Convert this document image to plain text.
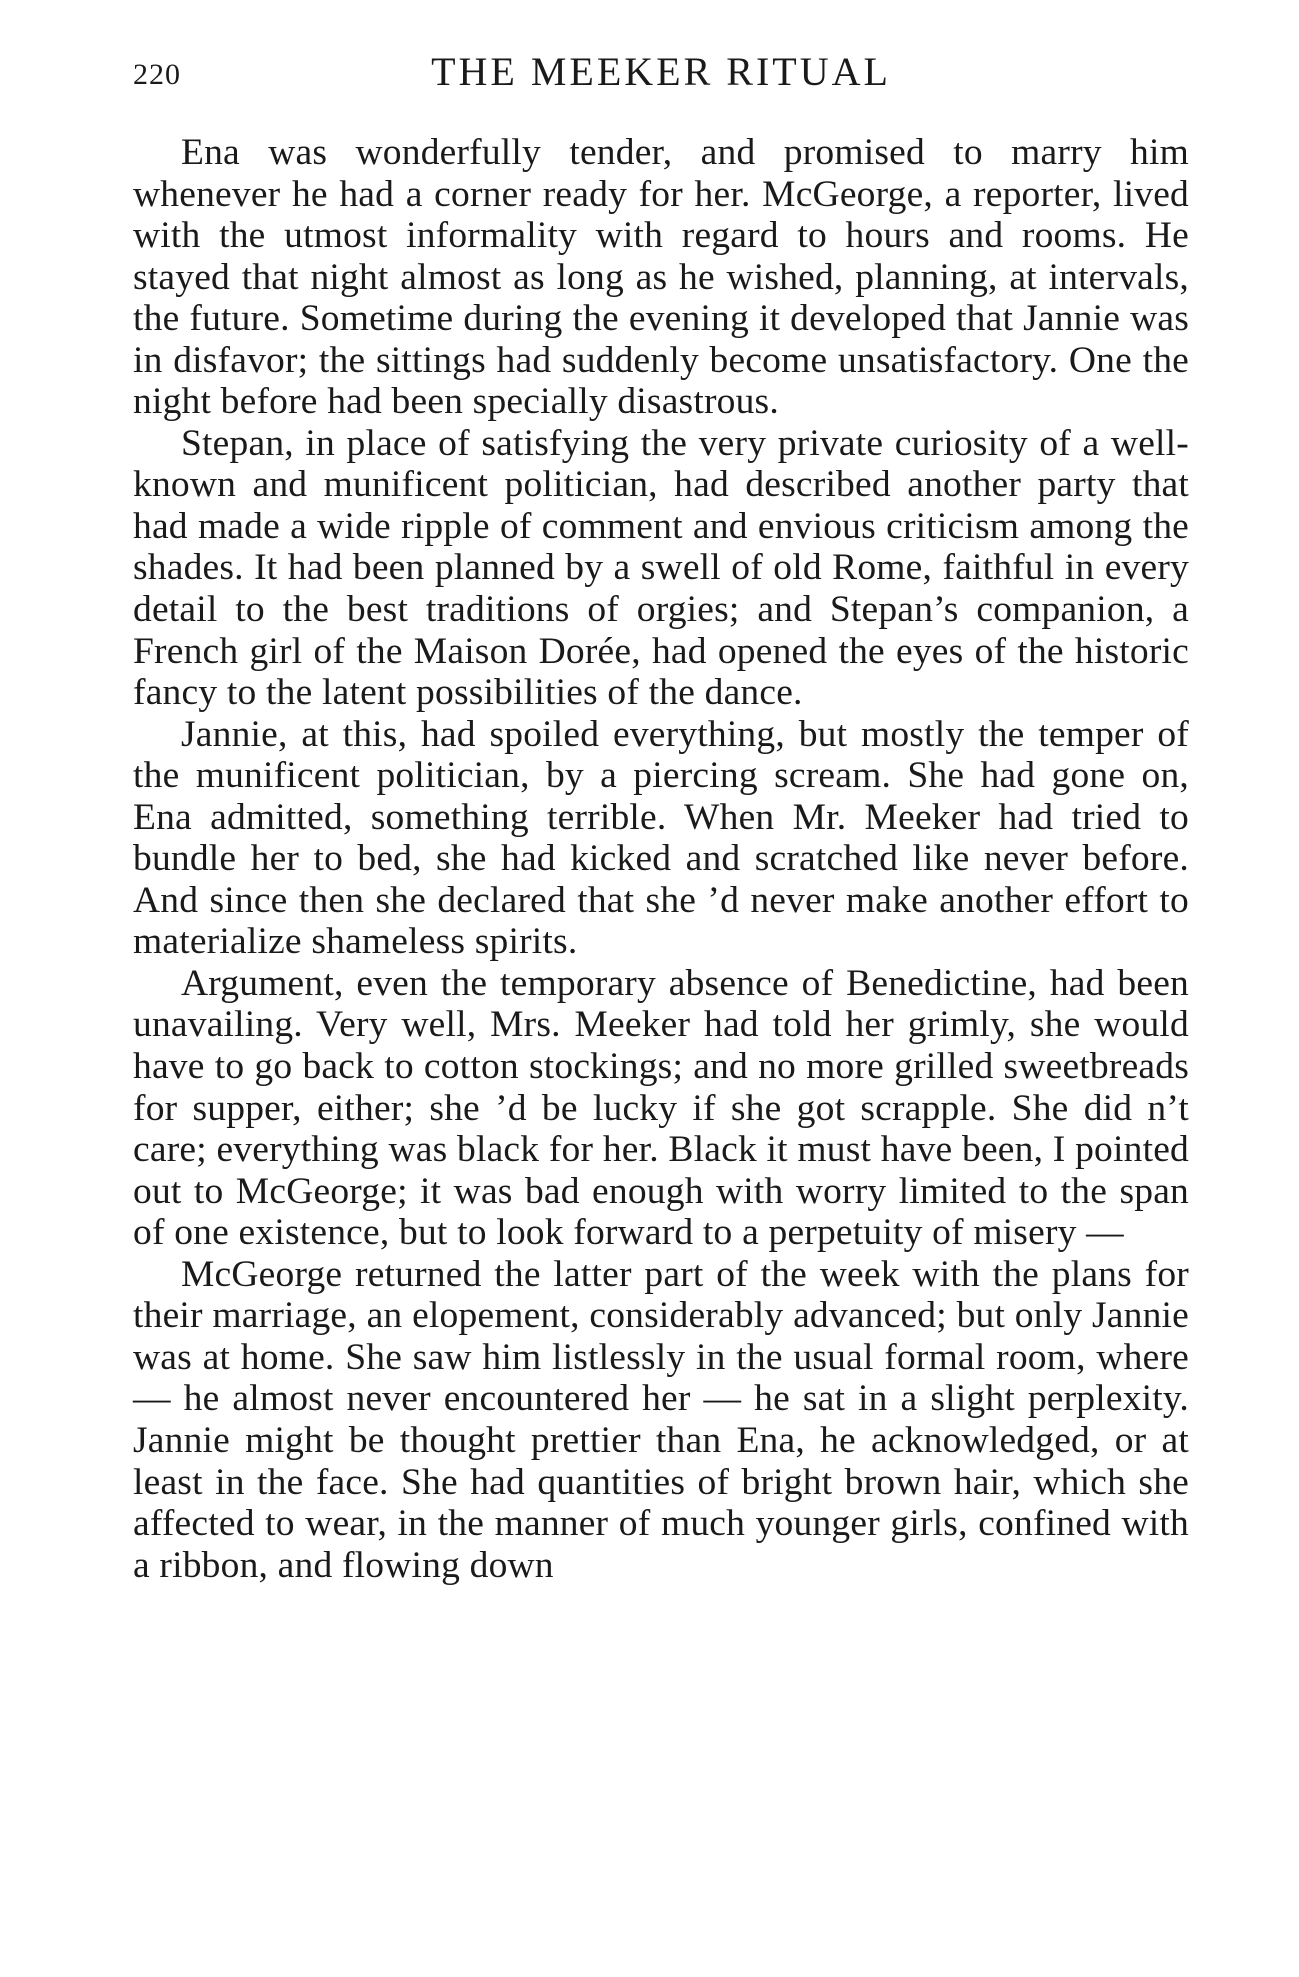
220	THE MEEKER RITUAL

Ena was wonderfully tender, and promised to marry him whenever he had a corner ready for her. McGeorge, a reporter, lived with the utmost informality with regard to hours and rooms. He stayed that night almost as long as he wished, planning, at intervals, the future. Sometime during the evening it developed that Jannie was in disfavor; the sittings had suddenly become unsatisfactory. One the night before had been specially disastrous.

Stepan, in place of satisfying the very private curiosity of a well-known and munificent politician, had described another party that had made a wide ripple of comment and envious criticism among the shades. It had been planned by a swell of old Rome, faithful in every detail to the best traditions of orgies; and Stepan’s companion, a French girl of the Maison Dorée, had opened the eyes of the historic fancy to the latent possibilities of the dance.

Jannie, at this, had spoiled everything, but mostly the temper of the munificent politician, by a piercing scream. She had gone on, Ena admitted, something terrible. When Mr. Meeker had tried to bundle her to bed, she had kicked and scratched like never before. And since then she declared that she ’d never make another effort to materialize shameless spirits.

Argument, even the temporary absence of Benedictine, had been unavailing. Very well, Mrs. Meeker had told her grimly, she would have to go back to cotton stockings; and no more grilled sweetbreads for supper, either; she ’d be lucky if she got scrapple. She did n’t care; everything was black for her. Black it must have been, I pointed out to McGeorge; it was bad enough with worry limited to the span of one existence, but to look forward to a perpetuity of misery —

McGeorge returned the latter part of the week with the plans for their marriage, an elopement, considerably advanced; but only Jannie was at home. She saw him listlessly in the usual formal room, where — he almost never encountered her — he sat in a slight perplexity. Jannie might be thought prettier than Ena, he acknowledged, or at least in the face. She had quantities of bright brown hair, which she affected to wear, in the manner of much younger girls, confined with a ribbon, and flowing down
